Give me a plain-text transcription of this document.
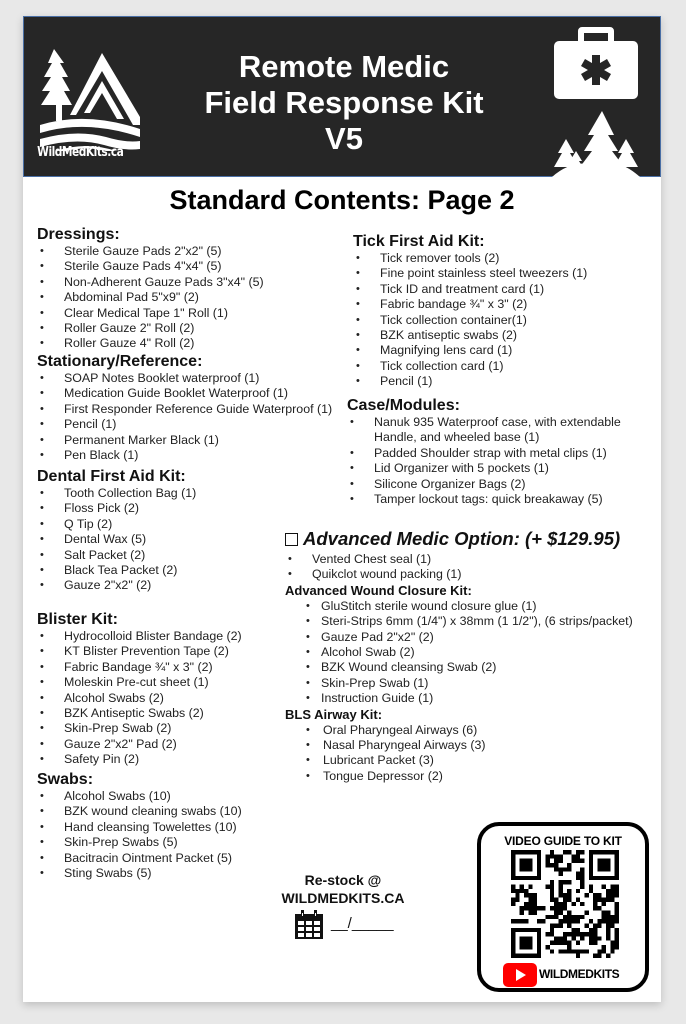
WildMedKits.ca
Remote Medic
Field Response Kit
V5
Standard Contents: Page 2
Dressings:
• Sterile Gauze Pads 2"x2" (5)
• Sterile Gauze Pads 4"x4" (5)
• Non-Adherent Gauze Pads 3"x4" (5)
• Abdominal Pad 5"x9" (2)
• Clear Medical Tape 1" Roll (1)
• Roller Gauze 2" Roll (2)
• Roller Gauze 4" Roll (2)
Stationary/Reference:
• SOAP Notes Booklet waterproof (1)
• Medication Guide Booklet Waterproof (1)
• First Responder Reference Guide Waterproof (1)
• Pencil (1)
• Permanent Marker Black (1)
• Pen Black (1)
Dental First Aid Kit:
• Tooth Collection Bag (1)
• Floss Pick (2)
• Q Tip (2)
• Dental Wax (5)
• Salt Packet (2)
• Black Tea Packet (2)
• Gauze 2"x2" (2)
Blister Kit:
• Hydrocolloid Blister Bandage (2)
• KT Blister Prevention Tape (2)
• Fabric Bandage ¾" x 3" (2)
• Moleskin Pre-cut sheet (1)
• Alcohol Swabs (2)
• BZK Antiseptic Swabs (2)
• Skin-Prep Swab (2)
• Gauze 2"x2" Pad (2)
• Safety Pin (2)
Swabs:
• Alcohol Swabs (10)
• BZK wound cleaning swabs (10)
• Hand cleansing Towelettes (10)
• Skin-Prep Swabs (5)
• Bacitracin Ointment Packet (5)
• Sting Swabs (5)
Tick First Aid Kit:
• Tick remover tools (2)
• Fine point stainless steel tweezers (1)
• Tick ID and treatment card (1)
• Fabric bandage ¾" x 3" (2)
• Tick collection container(1)
• BZK antiseptic swabs (2)
• Magnifying lens card (1)
• Tick collection card (1)
• Pencil (1)
Case/Modules:
• Nanuk 935 Waterproof case, with extendable Handle, and wheeled base (1)
• Padded Shoulder strap with metal clips (1)
• Lid Organizer with 5 pockets (1)
• Silicone Organizer Bags (2)
• Tamper lockout tags: quick breakaway (5)
Advanced Medic Option: (+ $129.95)
• Vented Chest seal (1)
• Quikclot wound packing (1)
Advanced Wound Closure Kit:
• GluStitch sterile wound closure glue (1)
• Steri-Strips 6mm (1/4") x 38mm (1 1/2"), (6 strips/packet)
• Gauze Pad 2"x2" (2)
• Alcohol Swab (2)
• BZK Wound cleansing Swab (2)
• Skin-Prep Swab (1)
• Instruction Guide (1)
BLS Airway Kit:
• Oral Pharyngeal Airways (6)
• Nasal Pharyngeal Airways (3)
• Lubricant Packet (3)
• Tongue Depressor (2)
Re-stock @
WILDMEDKITS.CA
__/_____
VIDEO GUIDE TO KIT
WILDMEDKITS
